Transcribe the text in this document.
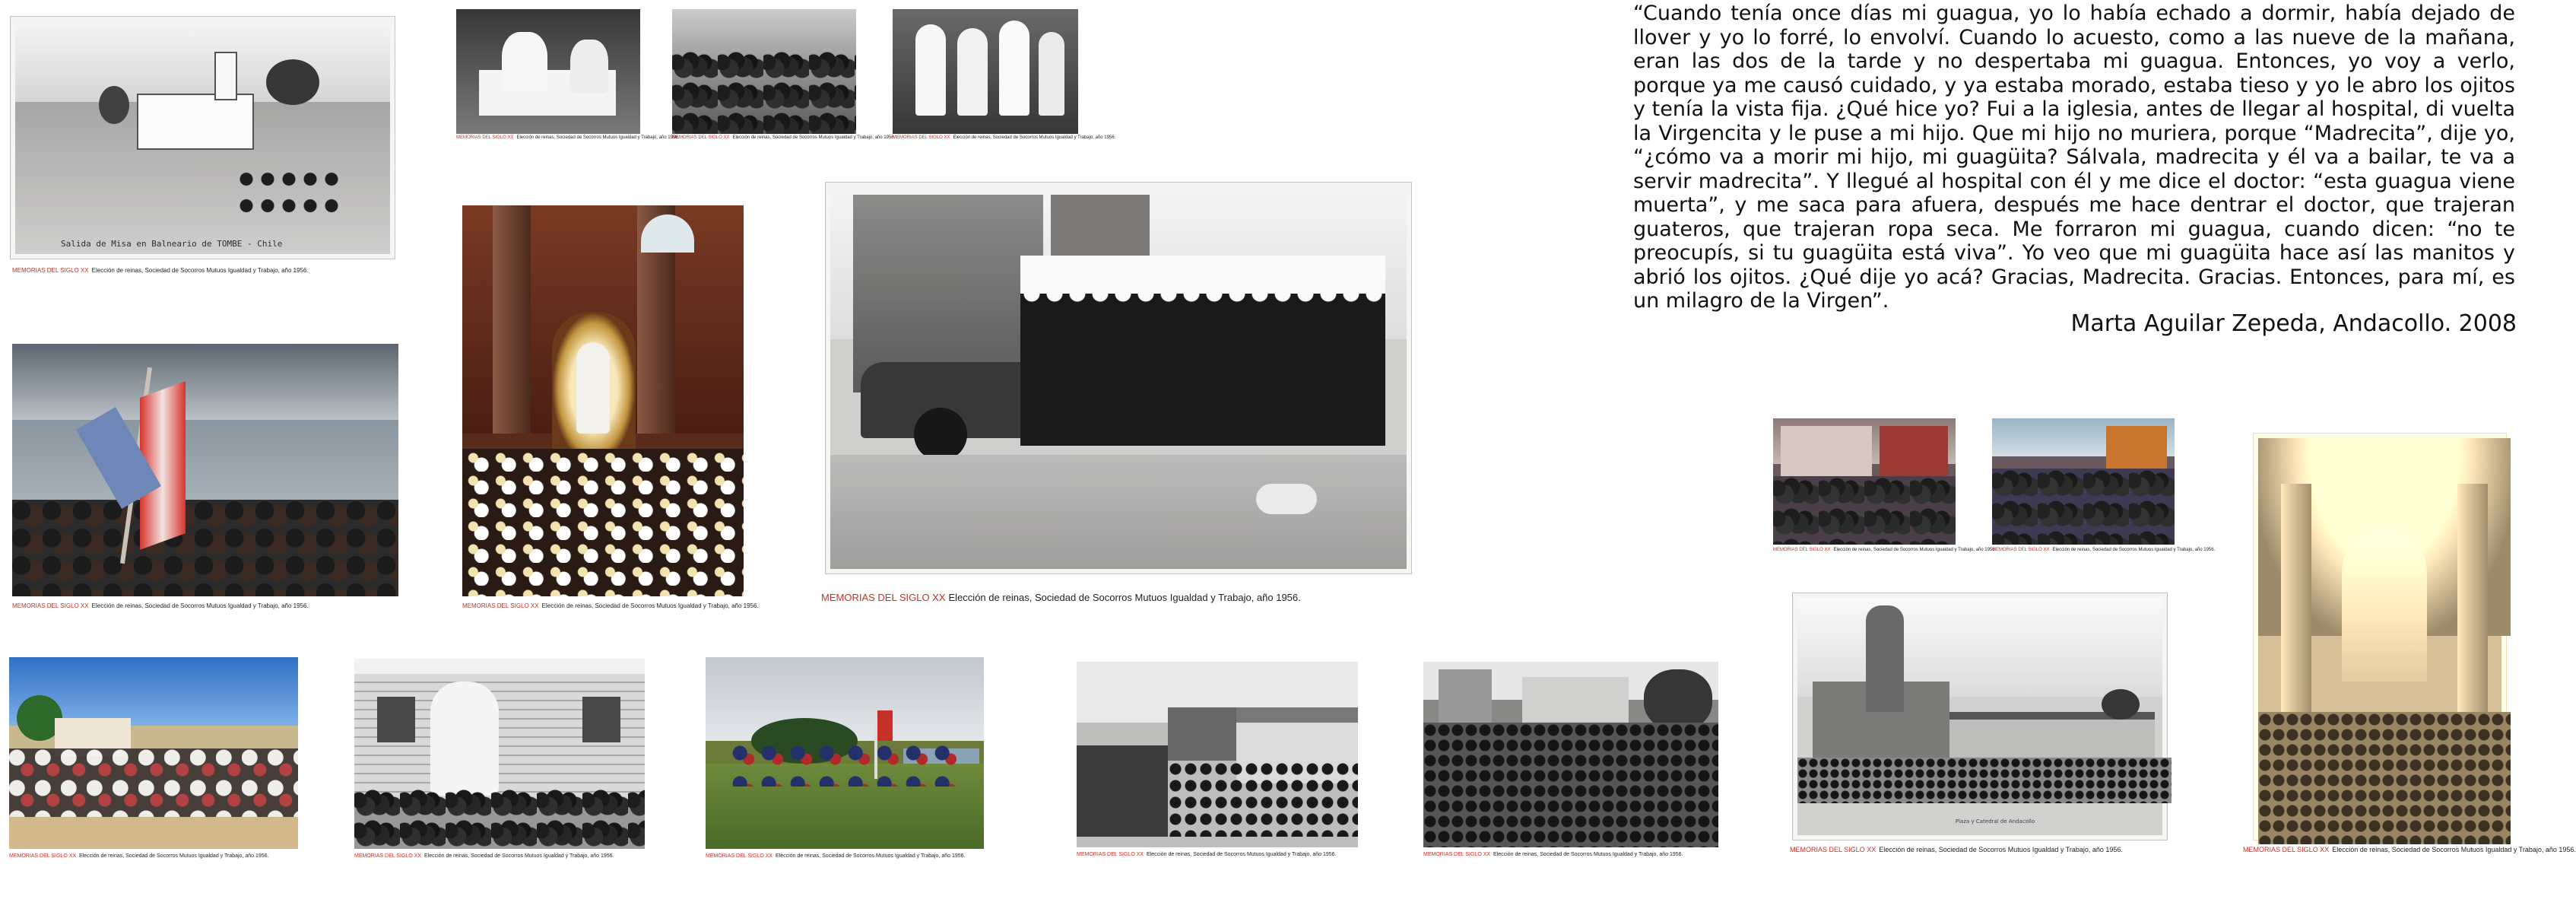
“Cuando tenía once días mi guagua, yo lo había echado a dormir, había dejado de llover y yo lo forré, lo envolví. Cuando lo acuesto, como a las nueve de la mañana, eran las dos de la tarde y no despertaba mi guagua. Entonces, yo voy a verlo, porque ya me causó cuidado, y ya estaba morado, estaba tieso y yo le abro los ojitos y tenía la vista fija. ¿Qué hice yo? Fui a la iglesia, antes de llegar al hospital, di vuelta la Virgencita y le puse a mi hijo. Que mi hijo no muriera, porque “Madrecita”, dije yo, “¿cómo va a morir mi hijo, mi guagüita? Sálvala, madrecita y él va a bailar, te va a servir madrecita”. Y llegué al hospital con él y me dice el doctor: “esta guagua viene muerta”, y me saca para afuera, después me hace dentrar el doctor, que trajeran guateros, que trajeran ropa seca. Me forraron mi guagua, cuando dicen: “no te preocupís, si tu guagüita está viva”. Yo veo que mi guagüita hace así las manitos y abrió los ojitos. ¿Qué dije yo acá? Gracias, Madrecita. Gracias. Entonces, para mí, es un milagro de la Virgen”.

Marta Aguilar Zepeda, Andacollo. 2008

Salida de Misa en Balneario de TOMBE - Chile
MEMORIAS DEL SIGLO XX Elección de reinas, Sociedad de Socorros Mutuos Igualdad y Trabajo, año 1956.
MEMORIAS DEL SIGLO XX Elección de reinas, Sociedad de Socorros Mutuos Igualdad y Trabajo, año 1956.
MEMORIAS DEL SIGLO XX Elección de reinas, Sociedad de Socorros Mutuos Igualdad y Trabajo, año 1956.
MEMORIAS DEL SIGLO XX Elección de reinas, Sociedad de Socorros Mutuos Igualdad y Trabajo, año 1956.
MEMORIAS DEL SIGLO XX Elección de reinas, Sociedad de Socorros Mutuos Igualdad y Trabajo, año 1956.	MEMORIAS DEL SIGLO XX Elección de reinas, Sociedad de Socorros Mutuos Igualdad y Trabajo, año 1956.
MEMORIAS DEL SIGLO XX Elección de reinas, Sociedad de Socorros Mutuos Igualdad y Trabajo, año 1956.
MEMORIAS DEL SIGLO XX Elección de reinas, Sociedad de Socorros Mutuos Igualdad y Trabajo, año 1956.	MEMORIAS DEL SIGLO XX Elección de reinas, Sociedad de Socorros Mutuos Igualdad y Trabajo, año 1956.	MEMORIAS DEL SIGLO XX Elección de reinas, Sociedad de Socorros Mutuos Igualdad y Trabajo, año 1956.	MEMORIAS DEL SIGLO XX Elección de reinas, Sociedad de Socorros Mutuos Igualdad y Trabajo, año 1956.	MEMORIAS DEL SIGLO XX Elección de reinas, Sociedad de Socorros Mutuos Igualdad y Trabajo, año 1956.
MEMORIAS DEL SIGLO XX Elección de reinas, Sociedad de Socorros Mutuos Igualdad y Trabajo, año 1956.
MEMORIAS DEL SIGLO XX Elección de reinas, Sociedad de Socorros Mutuos Igualdad y Trabajo, año 1956.
Plaza y Catedral de Andacollo
MEMORIAS DEL SIGLO XX Elección de reinas, Sociedad de Socorros Mutuos Igualdad y Trabajo, año 1956.	MEMORIAS DEL SIGLO XX Elección de reinas, Sociedad de Socorros Mutuos Igualdad y Trabajo, año 1956.
